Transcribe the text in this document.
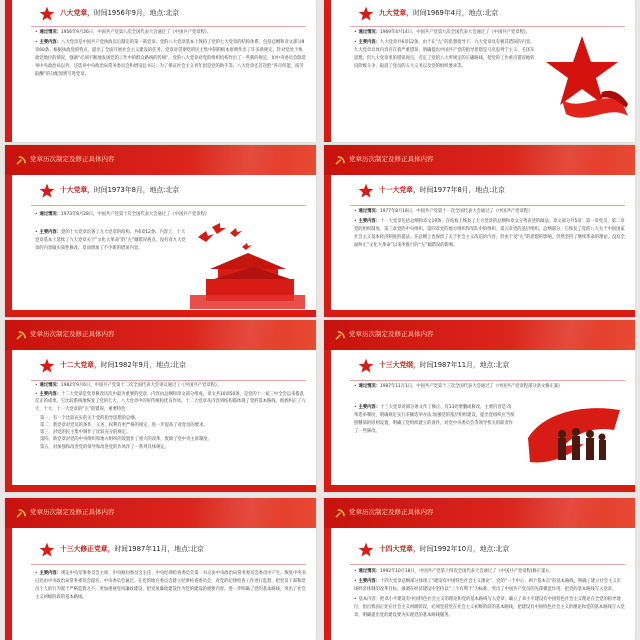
八大党章，时间1956年9月，地点:北京

• 通过情况：1956年9月26日，中国共产党第八次全国代表大会通过了《中国共产党章程》。

• 主要内容：八大党章是中国共产党执政以后制定的第一部党章。党的八大党章基本上保持了党的七大党章的结构体系，包括总纲和章文部分9章60条。根据执政党的特点，提出了全面开展社会主义建设的任务。党章对贯彻党的民主集中制的根本原则作出了许多新规定。针对党处于执政党地位的情况，强调“必须不断地发扬党的工作中的群众路线的传统”。党的八大党章对党的组织机构作出了一些新的规定，如中央委员会除选举中央政治局以外，还选举中央政治局常务委员会和增设总书记；为了保证社会主义青年团是党的助手等。八大党章还首次把“各尽所能、按劳取酬”的分配原则写进党章。

九大党章，时间1969年4月，地点:北京

• 通过情况：1969年4月14日，中国共产党第九次全国代表大会通过了《中国共产党章程》。

• 主要内容：九大党章共6章12条，由于在“左”的思想指导下，九大党章具有极其错误的内容。九大党章具体内容存在着严重错误，明确提出中国共产党的指导思想是马克思列宁主义、毛泽东思想。但九大党章里的错误观点，否定了党的八大所规定的正确路线，把党的工作重点错误地转向阶级斗争，取消了党员的五大义务以及党的组织要求等。

党章历次制定及修正具体内容
十大党章，时间1973年8月，地点:北京

• 通过情况：1973年8月28日，中国共产党第十次全国代表大会通过了《中国共产党章程》

• 主要内容：党的十大党章沿袭了九大党章的结构，共6章12条。内容上，十大党章基本上延续了九大党章关于“文化大革命”的“左”倾错误观点，没有对九大党章的内容做实质性修改，反而增加了不少新的错误内容。

党章历次制定及修正具体内容
十一大党章，时间1977年8月，地点:北京

• 通过情况：1977年8月18日，中国共产党第十一次全国代表大会通过了《中国共产党章程》

• 主要内容：十一大党章包括总纲和章文19条，在结构上恢复了七大党章的总纲和章文分列表述的做法。章文部分共5章：第一章党员、第二章党的组织制度、第三章党的中央组织、第四章党的地方组织和军队中的组织、第五章党的基层组织。总纲部分，它恢复了党的八大关于中国国家社会主义基本经济制度的提法。在总纲上也保留了关于社会主义改造的内容，但由于受“左”的思想的影响，仍然坚持了继续革命的理论，没有全面纠正“文化大革命”以来所推行的“左”倾错误的影响。

党章历次制定及修正具体内容
十二大党章，时间1982年9月，地点:北京

• 通过情况：1982年9月6日，中国共产党第十二次全国代表大会审议通过了《中国共产党章程》。

• 主要内容：十二大党章是党章修改历次中最为重要的党章，内容由总纲和章文部分组成，章文共10章50条，是党的十一届三中全会以来拨乱反正的成果。它比较系统地恢复了党的七大、八大党章中的好传统和优良作风。十二大党章从内容到结构都体现了党的基本路线，彻底纠正了九大、十大、十一大党章的“左”的错误，重要特色：

第一、有一个比较充实的关于党的指导思想的总纲。
第二、新党章对党员的条件、义务、权利有更严格的规定，进一步提高了对党员的要求。
第三、对党的民主集中制作了比较充分的规定。
第四、新党章对党的中央组织和地方组织的设置作了重大的改革，废除了党中央主席制度。
第五、对加强和改善党的领导和改进党的作风作了一系列具体规定。
党章历次制定及修正具体内容
十三大党纲，时间1987年11月，地点:北京

• 通过情况：1987年11月1日，中国共产党第十三次全国代表大会通过了《中国共产党章程部分条文修正案》

• 主要内容：十三大党章对部分条文作了修正。有13处增删或修改。主要内容是:改革选举制度，明确规定实行差额选举办法;加强党的基层组织建设，提出党组织应当按照精简的原则设置，明确了党组织建立的条件，对党中央委员会等领导机关的职责作了一些修改。

党章历次制定及修正具体内容
十三大修正党章，时间1987年11月，地点:北京

• 主要内容：规定中央军事委员会主席、中央顾问委员会主任、中央纪律检查委员会第一书记由中央政治局常务委员会委员中产生。恢复中央书记处由中央政治局常务委员会提名，中央委员会通过。在党的地方委员会建立纪律检查委员会，对党的纪律检查工作进行监督，把党员干部和党员个人的行为置于严格监督之下，更加重视党风廉政建设，把党风廉政建设作为党的建设的重要内容，进一步明确了党的基本路线，突出了社会主义初级阶段的基本路线。

党章历次制定及修正具体内容
十四大党章，时间1992年10月，地点:北京

• 通过情况：1992年10月18日，中国共产党第十四次全国代表大会通过了《中国共产党章程(修正案)》。

• 主要内容：十四大党章总纲部分体现了“建设有中国特色社会主义理论”、党的“一个中心、两个基本点”的基本路线，明确了建立社会主义市场经济体制的改革目标，强调在经济建设中坚持以“三个有利于”为标准，突出了中国共产党员的先锋模范作用，把党的基本路线写入党章。

• 基本内容：把邓小平建设有中国特色社会主义的理论和党的基本路线写入党章，确立了邓小平建设有中国特色社会主义理论在全党的指导地位，指出我国正处在社会主义初级阶段，必须坚持党在社会主义初级阶段的基本路线，把建设有中国特色社会主义的理论和党的基本路线写入党章，明确提出党的建设要为实现党的基本路线服务。
